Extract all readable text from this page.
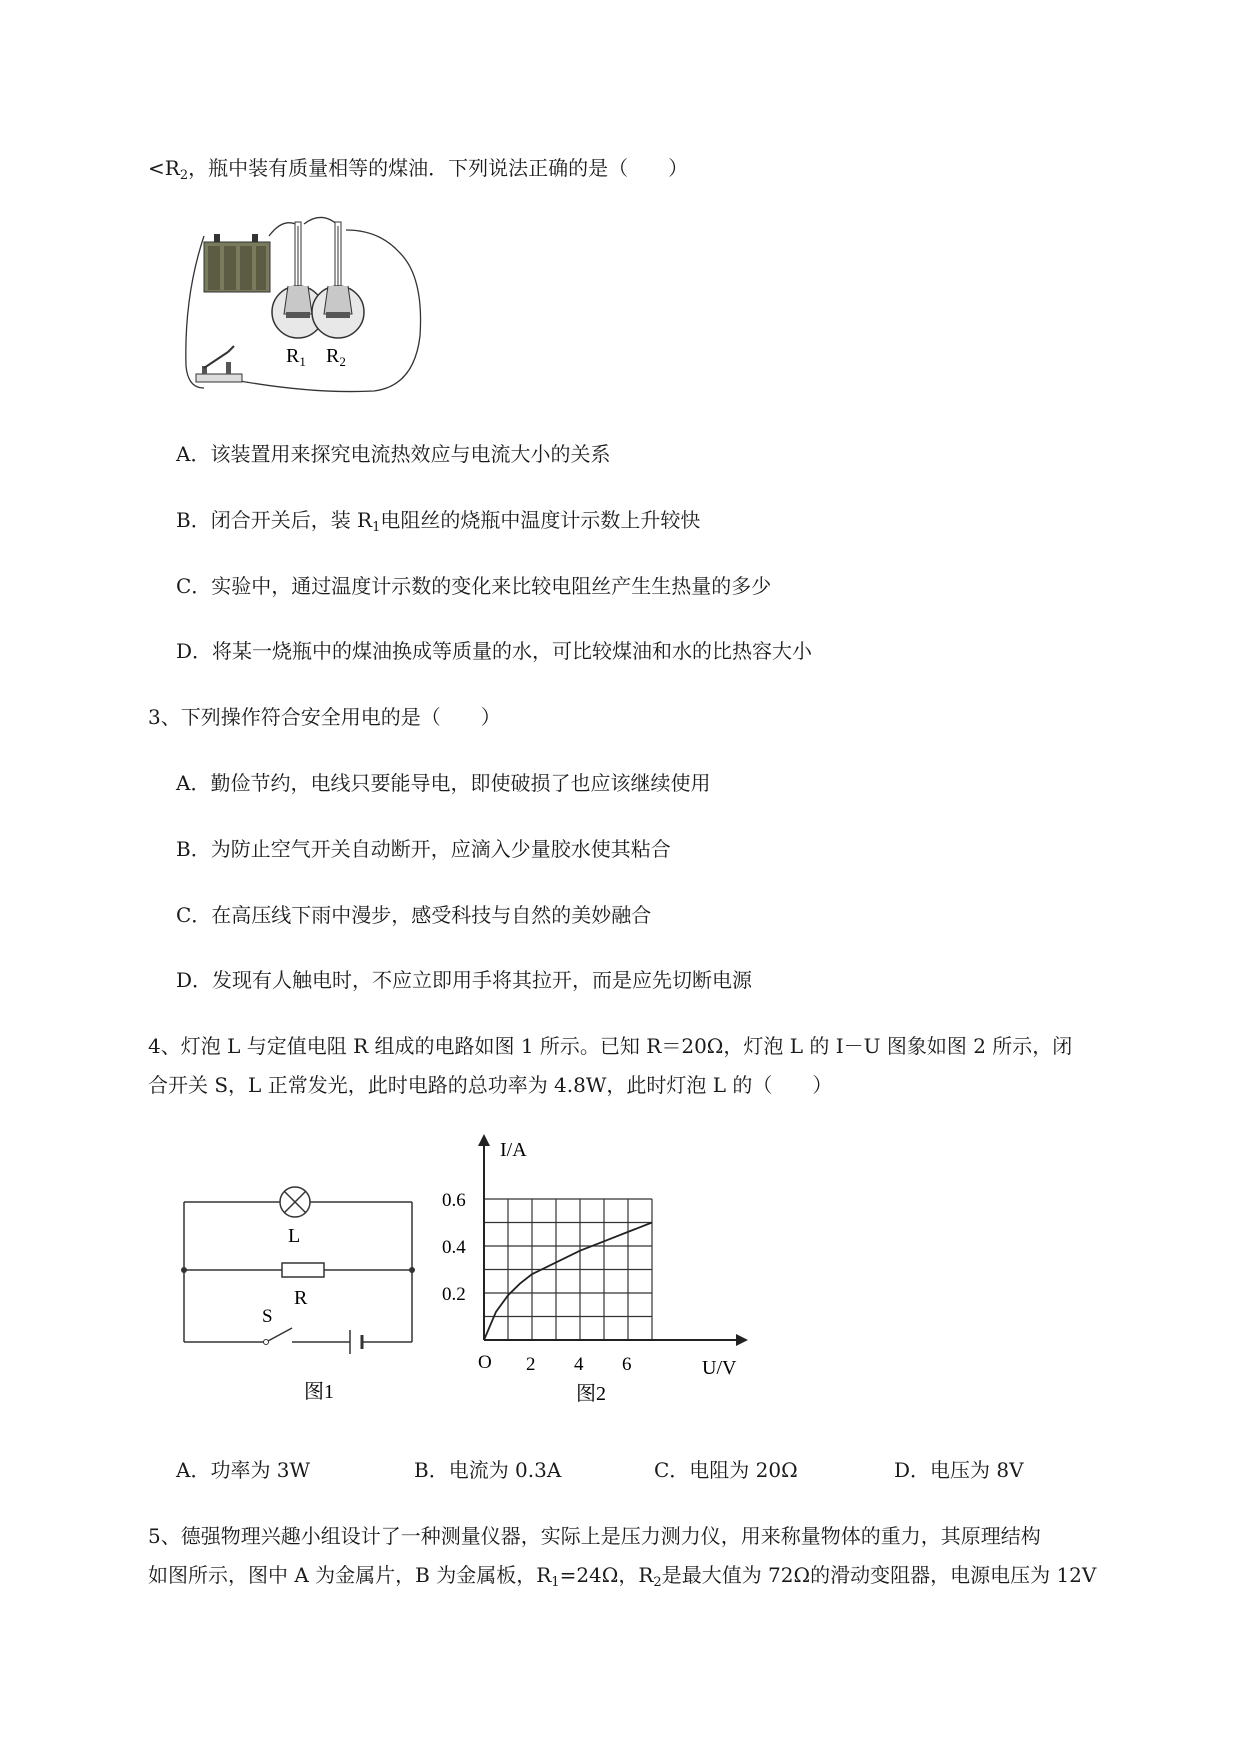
$<R_2$，瓶中装有质量相等的煤油．下列说法正确的是（　　）
$R_1$ $R_2$
A．该装置用来探究电流热效应与电流大小的关系
B．闭合开关后，装 $R_1$电阻丝的烧瓶中温度计示数上升较快
C．实验中，通过温度计示数的变化来比较电阻丝产生生热量的多少
D．将某一烧瓶中的煤油换成等质量的水，可比较煤油和水的比热容大小
3、下列操作符合安全用电的是（　　）
A．勤俭节约，电线只要能导电，即使破损了也应该继续使用
B．为防止空气开关自动断开，应滴入少量胶水使其粘合
C．在高压线下雨中漫步，感受科技与自然的美妙融合
D．发现有人触电时，不应立即用手将其拉开，而是应先切断电源
4、灯泡 L 与定值电阻 R 组成的电路如图 1 所示。已知 R＝20Ω，灯泡 L 的 I－U 图象如图 2 所示，闭
合开关 S，L 正常发光，此时电路的总功率为 4.8W，此时灯泡 L 的（　　）
L
R
S
图1
I/A
U/V
O 2 4 6
0.2
0.4
0.6
图2
A．功率为 3W	B．电流为 0.3A	C．电阻为 20Ω	D．电压为 8V
5、德强物理兴趣小组设计了一种测量仪器，实际上是压力测力仪，用来称量物体的重力，其原理结构
如图所示，图中 A 为金属片，B 为金属板，$R_1=24\Omega$，$R_2$是最大值为 72Ω的滑动变阻器，电源电压为 12V
